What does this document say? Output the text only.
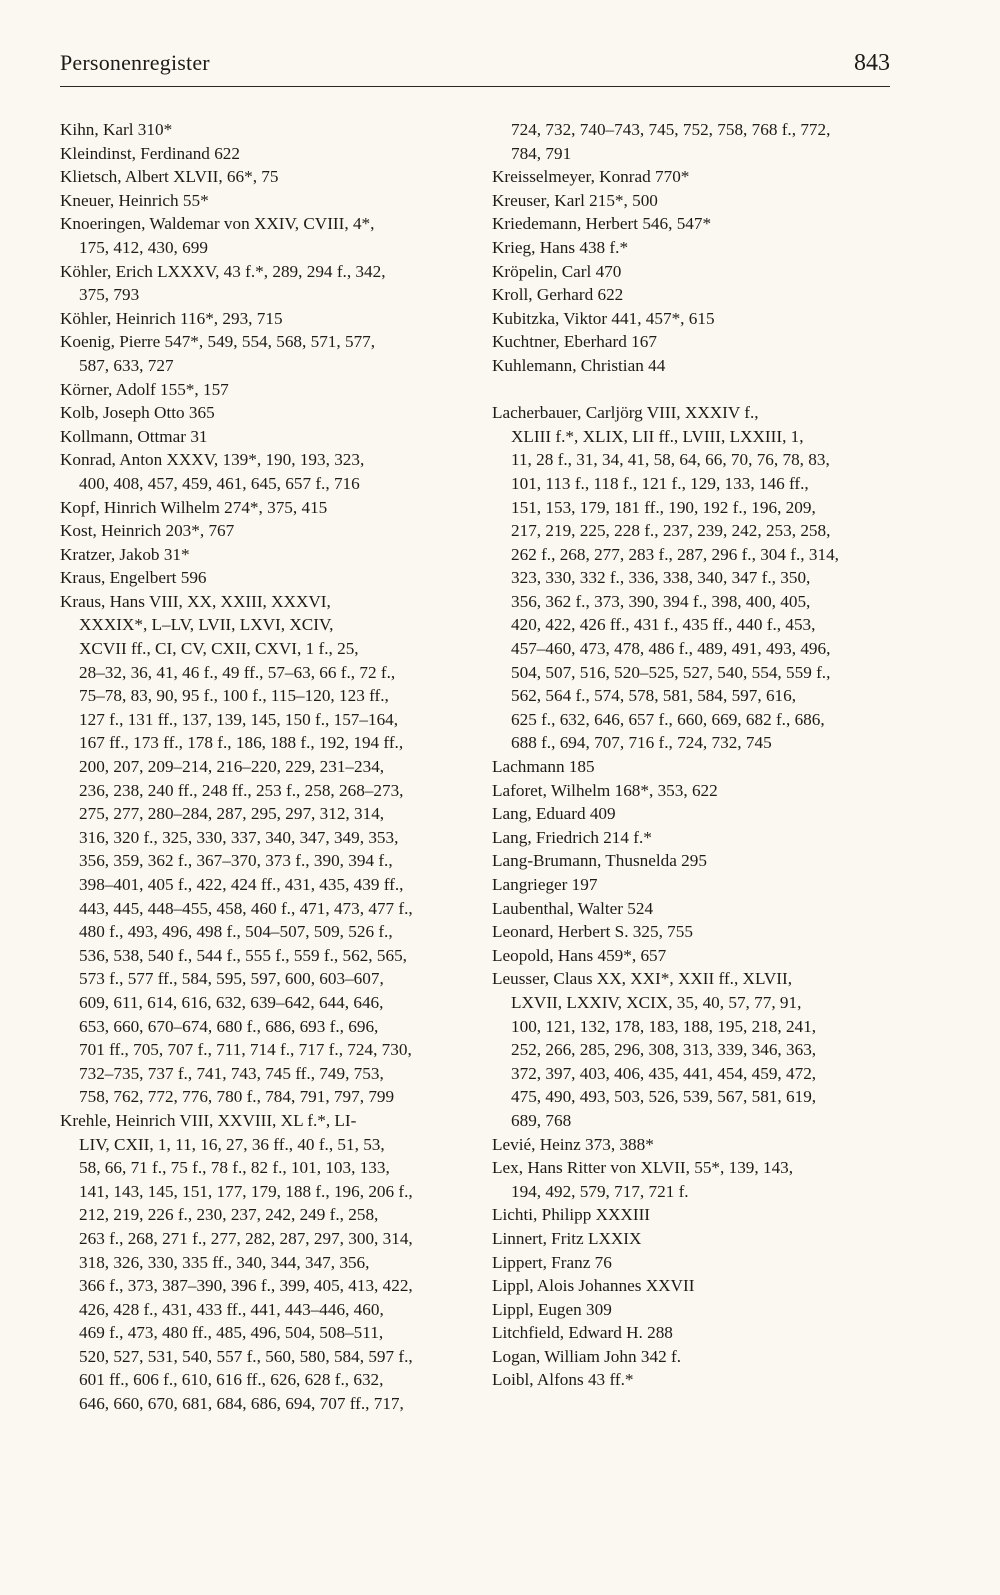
Personenregister	843
Kihn, Karl 310*
Kleindinst, Ferdinand 622
Klietsch, Albert XLVII, 66*, 75
Kneuer, Heinrich 55*
Knoeringen, Waldemar von XXIV, CVIII, 4*,
175, 412, 430, 699
Köhler, Erich LXXXV, 43 f.*, 289, 294 f., 342,
375, 793
Köhler, Heinrich 116*, 293, 715
Koenig, Pierre 547*, 549, 554, 568, 571, 577,
587, 633, 727
Körner, Adolf 155*, 157
Kolb, Joseph Otto 365
Kollmann, Ottmar 31
Konrad, Anton XXXV, 139*, 190, 193, 323,
400, 408, 457, 459, 461, 645, 657 f., 716
Kopf, Hinrich Wilhelm 274*, 375, 415
Kost, Heinrich 203*, 767
Kratzer, Jakob 31*
Kraus, Engelbert 596
Kraus, Hans VIII, XX, XXIII, XXXVI,
XXXIX*, L–LV, LVII, LXVI, XCIV,
XCVII ff., CI, CV, CXII, CXVI, 1 f., 25,
28–32, 36, 41, 46 f., 49 ff., 57–63, 66 f., 72 f.,
75–78, 83, 90, 95 f., 100 f., 115–120, 123 ff.,
127 f., 131 ff., 137, 139, 145, 150 f., 157–164,
167 ff., 173 ff., 178 f., 186, 188 f., 192, 194 ff.,
200, 207, 209–214, 216–220, 229, 231–234,
236, 238, 240 ff., 248 ff., 253 f., 258, 268–273,
275, 277, 280–284, 287, 295, 297, 312, 314,
316, 320 f., 325, 330, 337, 340, 347, 349, 353,
356, 359, 362 f., 367–370, 373 f., 390, 394 f.,
398–401, 405 f., 422, 424 ff., 431, 435, 439 ff.,
443, 445, 448–455, 458, 460 f., 471, 473, 477 f.,
480 f., 493, 496, 498 f., 504–507, 509, 526 f.,
536, 538, 540 f., 544 f., 555 f., 559 f., 562, 565,
573 f., 577 ff., 584, 595, 597, 600, 603–607,
609, 611, 614, 616, 632, 639–642, 644, 646,
653, 660, 670–674, 680 f., 686, 693 f., 696,
701 ff., 705, 707 f., 711, 714 f., 717 f., 724, 730,
732–735, 737 f., 741, 743, 745 ff., 749, 753,
758, 762, 772, 776, 780 f., 784, 791, 797, 799
Krehle, Heinrich VIII, XXVIII, XL f.*, LI-
LIV, CXII, 1, 11, 16, 27, 36 ff., 40 f., 51, 53,
58, 66, 71 f., 75 f., 78 f., 82 f., 101, 103, 133,
141, 143, 145, 151, 177, 179, 188 f., 196, 206 f.,
212, 219, 226 f., 230, 237, 242, 249 f., 258,
263 f., 268, 271 f., 277, 282, 287, 297, 300, 314,
318, 326, 330, 335 ff., 340, 344, 347, 356,
366 f., 373, 387–390, 396 f., 399, 405, 413, 422,
426, 428 f., 431, 433 ff., 441, 443–446, 460,
469 f., 473, 480 ff., 485, 496, 504, 508–511,
520, 527, 531, 540, 557 f., 560, 580, 584, 597 f.,
601 ff., 606 f., 610, 616 ff., 626, 628 f., 632,
646, 660, 670, 681, 684, 686, 694, 707 ff., 717,
724, 732, 740–743, 745, 752, 758, 768 f., 772,
784, 791
Kreisselmeyer, Konrad 770*
Kreuser, Karl 215*, 500
Kriedemann, Herbert 546, 547*
Krieg, Hans 438 f.*
Kröpelin, Carl 470
Kroll, Gerhard 622
Kubitzka, Viktor 441, 457*, 615
Kuchtner, Eberhard 167
Kuhlemann, Christian 44
Lacherbauer, Carljörg VIII, XXXIV f.,
XLIII f.*, XLIX, LII ff., LVIII, LXXIII, 1,
11, 28 f., 31, 34, 41, 58, 64, 66, 70, 76, 78, 83,
101, 113 f., 118 f., 121 f., 129, 133, 146 ff.,
151, 153, 179, 181 ff., 190, 192 f., 196, 209,
217, 219, 225, 228 f., 237, 239, 242, 253, 258,
262 f., 268, 277, 283 f., 287, 296 f., 304 f., 314,
323, 330, 332 f., 336, 338, 340, 347 f., 350,
356, 362 f., 373, 390, 394 f., 398, 400, 405,
420, 422, 426 ff., 431 f., 435 ff., 440 f., 453,
457–460, 473, 478, 486 f., 489, 491, 493, 496,
504, 507, 516, 520–525, 527, 540, 554, 559 f.,
562, 564 f., 574, 578, 581, 584, 597, 616,
625 f., 632, 646, 657 f., 660, 669, 682 f., 686,
688 f., 694, 707, 716 f., 724, 732, 745
Lachmann 185
Laforet, Wilhelm 168*, 353, 622
Lang, Eduard 409
Lang, Friedrich 214 f.*
Lang-Brumann, Thusnelda 295
Langrieger 197
Laubenthal, Walter 524
Leonard, Herbert S. 325, 755
Leopold, Hans 459*, 657
Leusser, Claus XX, XXI*, XXII ff., XLVII,
LXVII, LXXIV, XCIX, 35, 40, 57, 77, 91,
100, 121, 132, 178, 183, 188, 195, 218, 241,
252, 266, 285, 296, 308, 313, 339, 346, 363,
372, 397, 403, 406, 435, 441, 454, 459, 472,
475, 490, 493, 503, 526, 539, 567, 581, 619,
689, 768
Levié, Heinz 373, 388*
Lex, Hans Ritter von XLVII, 55*, 139, 143,
194, 492, 579, 717, 721 f.
Lichti, Philipp XXXIII
Linnert, Fritz LXXIX
Lippert, Franz 76
Lippl, Alois Johannes XXVII
Lippl, Eugen 309
Litchfield, Edward H. 288
Logan, William John 342 f.
Loibl, Alfons 43 ff.*
